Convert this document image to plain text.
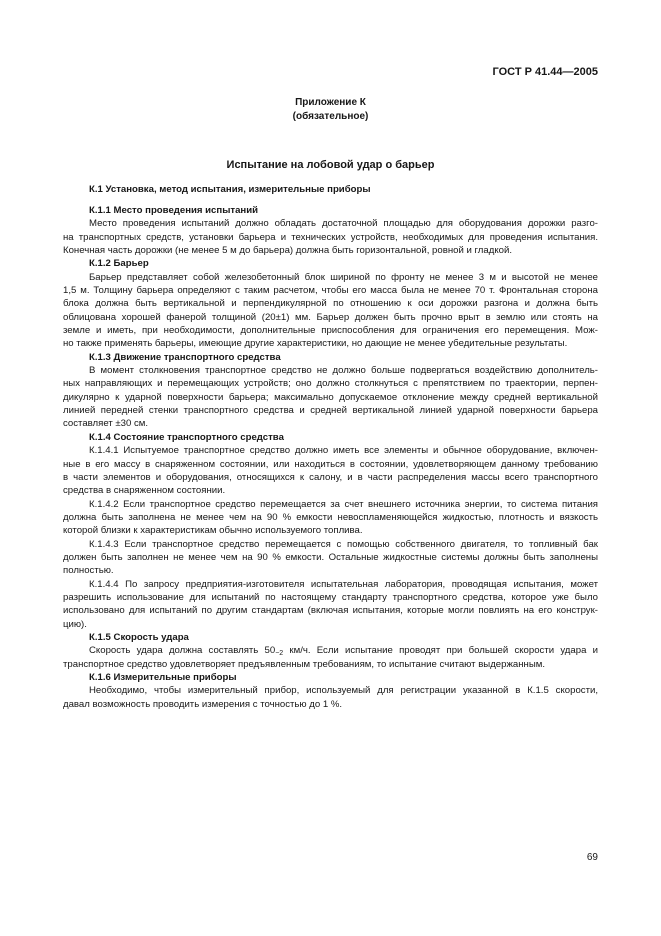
ГОСТ Р 41.44—2005
Приложение К
(обязательное)
Испытание на лобовой удар о барьер
К.1 Установка, метод испытания, измерительные приборы
К.1.1 Место проведения испытаний
Место проведения испытаний должно обладать достаточной площадью для оборудования дорожки разго-
на транспортных средств, установки барьера и технических устройств, необходимых для проведения испытания.
Конечная часть дорожки (не менее 5 м до барьера) должна быть горизонтальной, ровной и гладкой.
К.1.2 Барьер
Барьер представляет собой железобетонный блок шириной по фронту не менее 3 м и высотой не менее
1,5 м. Толщину барьера определяют с таким расчетом, чтобы его масса была не менее 70 т. Фронтальная сторона
блока должна быть вертикальной и перпендикулярной по отношению к оси дорожки разгона и должна быть
облицована хорошей фанерой толщиной (20±1) мм. Барьер должен быть прочно врыт в землю или стоять на
земле и иметь, при необходимости, дополнительные приспособления для ограничения его перемещения. Мож-
но также применять барьеры, имеющие другие характеристики, но дающие не менее убедительные результаты.
К.1.3 Движение транспортного средства
В момент столкновения транспортное средство не должно больше подвергаться воздействию дополнитель-
ных направляющих и перемещающих устройств; оно должно столкнуться с препятствием по траектории, перпен-
дикулярно к ударной поверхности барьера; максимально допускаемое отклонение между средней вертикальной
линией передней стенки транспортного средства и средней вертикальной линией ударной поверхности барьера
составляет ±30 см.
К.1.4 Состояние транспортного средства
К.1.4.1 Испытуемое транспортное средство должно иметь все элементы и обычное оборудование, включен-
ные в его массу в снаряженном состоянии, или находиться в состоянии, удовлетворяющем данному требованию
в части элементов и оборудования, относящихся к салону, и в части распределения массы всего транспортного
средства в снаряженном состоянии.
К.1.4.2 Если транспортное средство перемещается за счет внешнего источника энергии, то система питания
должна быть заполнена не менее чем на 90 % емкости невоспламеняющейся жидкостью, плотность и вязкость
которой близки к характеристикам обычно используемого топлива.
К.1.4.3 Если транспортное средство перемещается с помощью собственного двигателя, то топливный бак
должен быть заполнен не менее чем на 90 % емкости. Остальные жидкостные системы должны быть заполнены
полностью.
К.1.4.4 По запросу предприятия-изготовителя испытательная лаборатория, проводящая испытания, может
разрешить использование для испытаний по настоящему стандарту транспортного средства, которое уже было
использовано для испытаний по другим стандартам (включая испытания, которые могли повлиять на его конструк-
цию).
К.1.5 Скорость удара
Скорость удара должна составлять $50_{-2}$ км/ч. Если испытание проводят при большей скорости удара и
транспортное средство удовлетворяет предъявленным требованиям, то испытание считают выдержанным.
К.1.6 Измерительные приборы
Необходимо, чтобы измерительный прибор, используемый для регистрации указанной в К.1.5 скорости,
давал возможность проводить измерения с точностью до 1 %.
69
